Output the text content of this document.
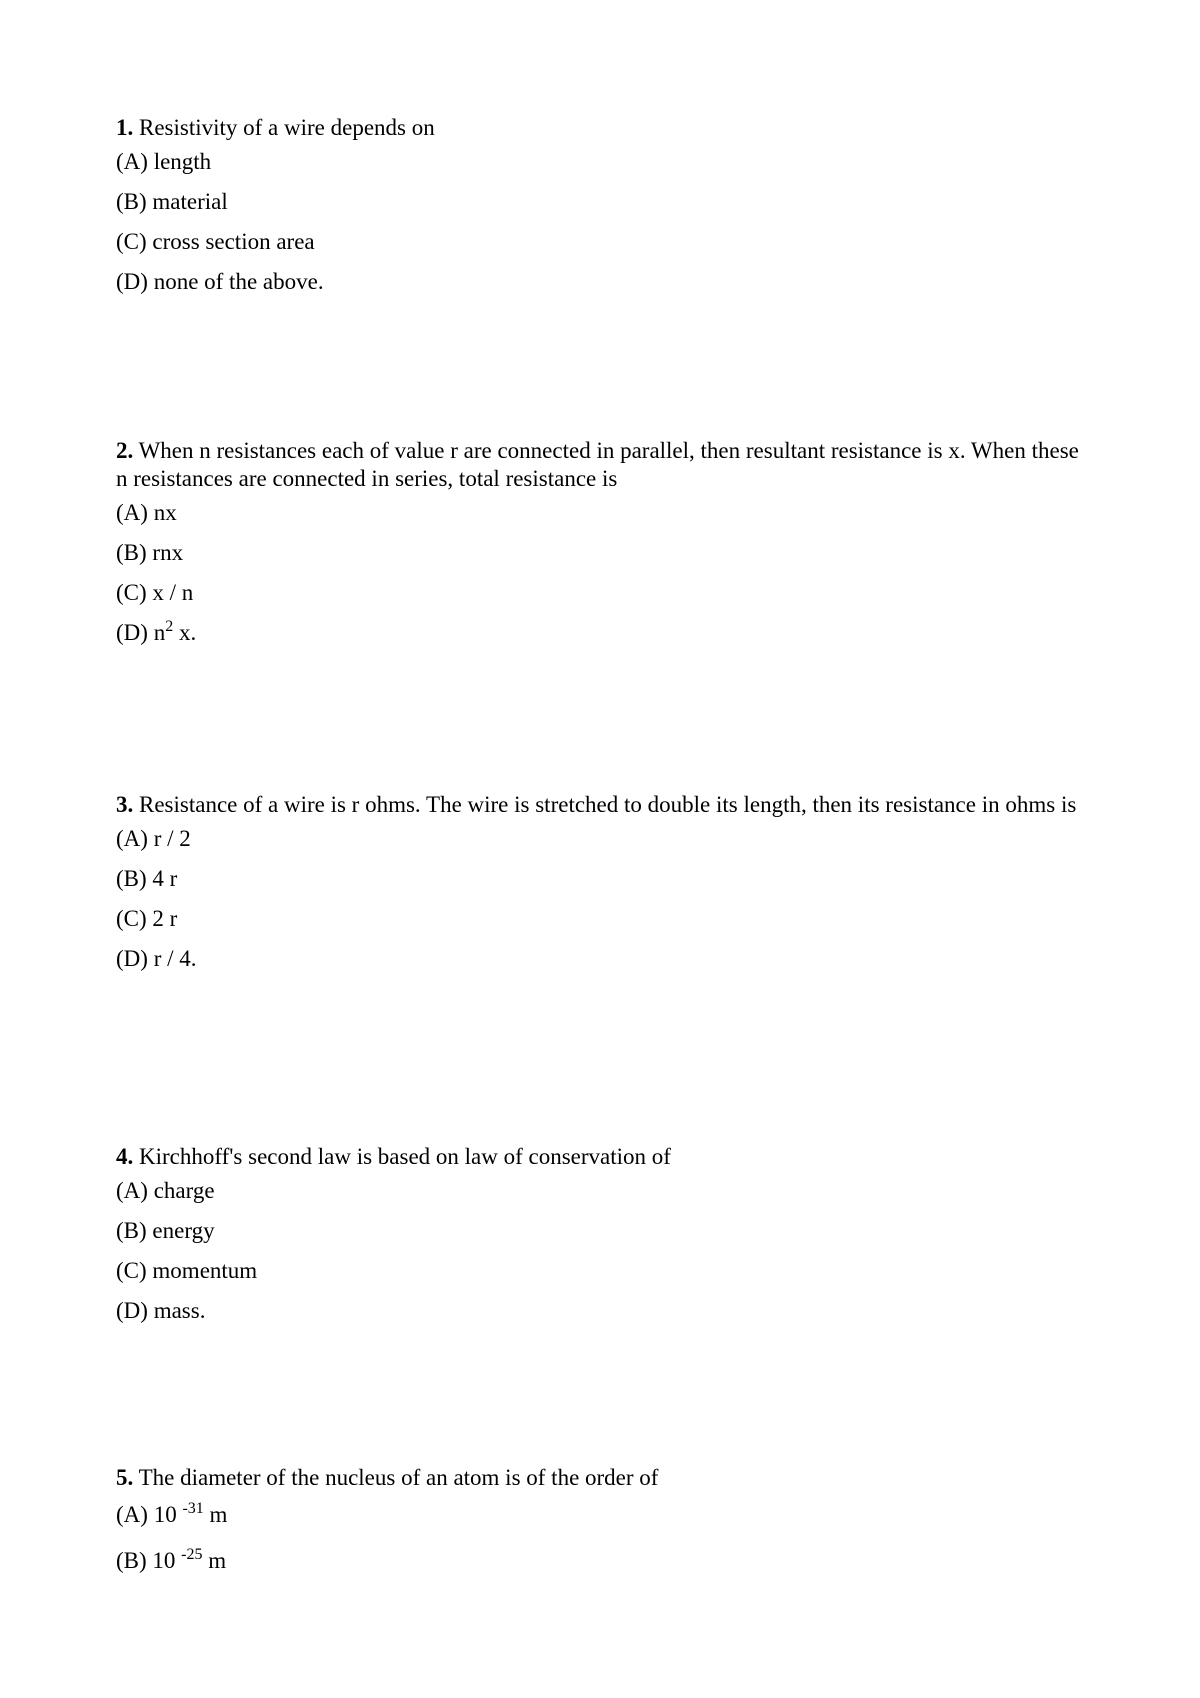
1. Resistivity of a wire depends on

(A) length

(B) material

(C) cross section area

(D) none of the above.

2. When n resistances each of value r are connected in parallel, then resultant resistance is x. When these n resistances are connected in series, total resistance is

(A) nx

(B) rnx

(C) x / n

(D) $n^2$ x.

3. Resistance of a wire is r ohms. The wire is stretched to double its length, then its resistance in ohms is

(A) r / 2

(B) 4 r

(C) 2 r

(D) r / 4.

4. Kirchhoff's second law is based on law of conservation of

(A) charge

(B) energy

(C) momentum

(D) mass.

5. The diameter of the nucleus of an atom is of the order of

(A) 10 $^{-31}$ m

(B) 10 $^{-25}$ m
